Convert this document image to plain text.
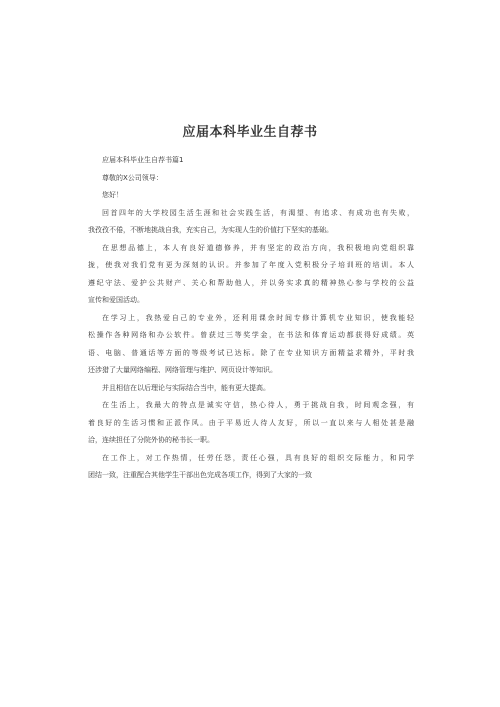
应届本科毕业生自荐书
应届本科毕业生自荐书篇1
尊敬的X公司领导：
您好！
回首四年的大学校园生活生涯和社会实践生活，有渴望、有追求、有成功也有失败，
我孜孜不倦，不断地挑战自我，充实自己，为实现人生的价值打下坚实的基础。
在思想品德上，本人有良好道德修养，并有坚定的政治方向，我积极地向党组织靠
拢，使我对我们党有更为深刻的认识。并参加了年度入党积极分子培训班的培训。本人
遵纪守法、爱护公共财产、关心和帮助他人，并以务实求真的精神热心参与学校的公益
宣传和爱国活动。
在学习上，我热爱自己的专业外，还利用课余时间专修计算机专业知识，使我能轻
松操作各种网络和办公软件。曾获过三等奖学金，在书法和体育运动都获得好成绩。英
语、电脑、普通话等方面的等级考试已达标。除了在专业知识方面精益求精外，平时我
还涉猎了大量网络编程、网络管理与维护、网页设计等知识。
并且相信在以后理论与实际结合当中，能有更大提高。
在生活上，我最大的特点是诚实守信，热心待人，勇于挑战自我，时间观念强，有
着良好的生活习惯和正派作风。由于平易近人待人友好，所以一直以来与人相处甚是融
洽，连续担任了分院外协的秘书长一职。
在工作上，对工作热情，任劳任怨，责任心强，具有良好的组织交际能力，和同学
团结一致，注重配合其他学生干部出色完成各项工作，得到了大家的一致
